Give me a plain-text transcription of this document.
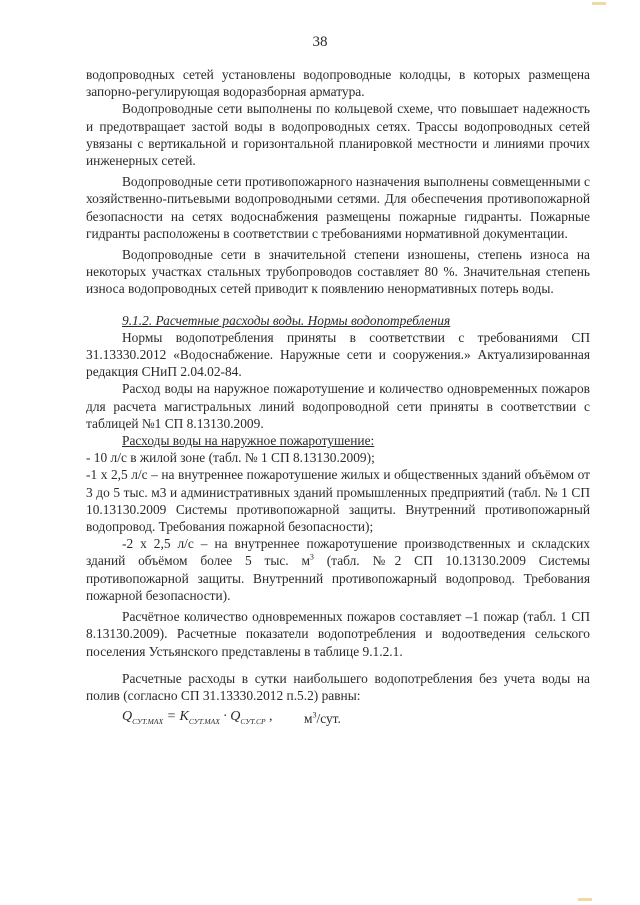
38

водопроводных сетей установлены водопроводные колодцы, в которых размещена запорно-регулирующая водоразборная арматура.

Водопроводные сети выполнены по кольцевой схеме, что повышает надежность и предотвращает застой воды в водопроводных сетях. Трассы водопроводных сетей увязаны с вертикальной и горизонтальной планировкой местности и линиями прочих инженерных сетей.

Водопроводные сети противопожарного назначения выполнены совмещенными с хозяйственно-питьевыми водопроводными сетями. Для обеспечения противопожарной безопасности на сетях водоснабжения размещены пожарные гидранты. Пожарные гидранты расположены в соответствии с требованиями нормативной документации.

Водопроводные сети в значительной степени изношены, степень износа на некоторых участках стальных трубопроводов составляет 80 %. Значительная степень износа водопроводных сетей приводит к появлению ненормативных потерь воды.

9.1.2. Расчетные расходы воды. Нормы водопотребления

Нормы водопотребления приняты в соответствии с требованиями СП 31.13330.2012 «Водоснабжение. Наружные сети и сооружения.» Актуализированная редакция СНиП 2.04.02-84.

Расход воды на наружное пожаротушение и количество одновременных пожаров для расчета магистральных линий водопроводной сети приняты в соответствии с таблицей №1 СП 8.13130.2009.

Расходы воды на наружное пожаротушение:

- 10 л/с в жилой зоне (табл. № 1 СП 8.13130.2009);

-1 х 2,5 л/с – на внутреннее пожаротушение жилых и общественных зданий объёмом от 3 до 5 тыс. м3 и административных зданий промышленных предприятий (табл. № 1 СП 10.13130.2009 Системы противопожарной защиты. Внутренний противопожарный водопровод. Требования пожарной безопасности);

-2 х 2,5 л/с – на внутреннее пожаротушение производственных и складских зданий объёмом более 5 тыс. $м^3$ (табл. №2 СП 10.13130.2009 Системы противопожарной защиты. Внутренний противопожарный водопровод. Требования пожарной безопасности).

Расчётное количество одновременных пожаров составляет –1 пожар (табл. 1 СП 8.13130.2009). Расчетные показатели водопотребления и водоотведения сельского поселения Устьянского представлены в таблице 9.1.2.1.

Расчетные расходы в сутки наибольшего водопотребления без учета воды на полив (согласно СП 31.13330.2012 п.5.2) равны:

$Q_{СУТ.MAX} = K_{СУТ.MAX} \cdot Q_{СУТ.СР}$ , $м^3$/сут.
